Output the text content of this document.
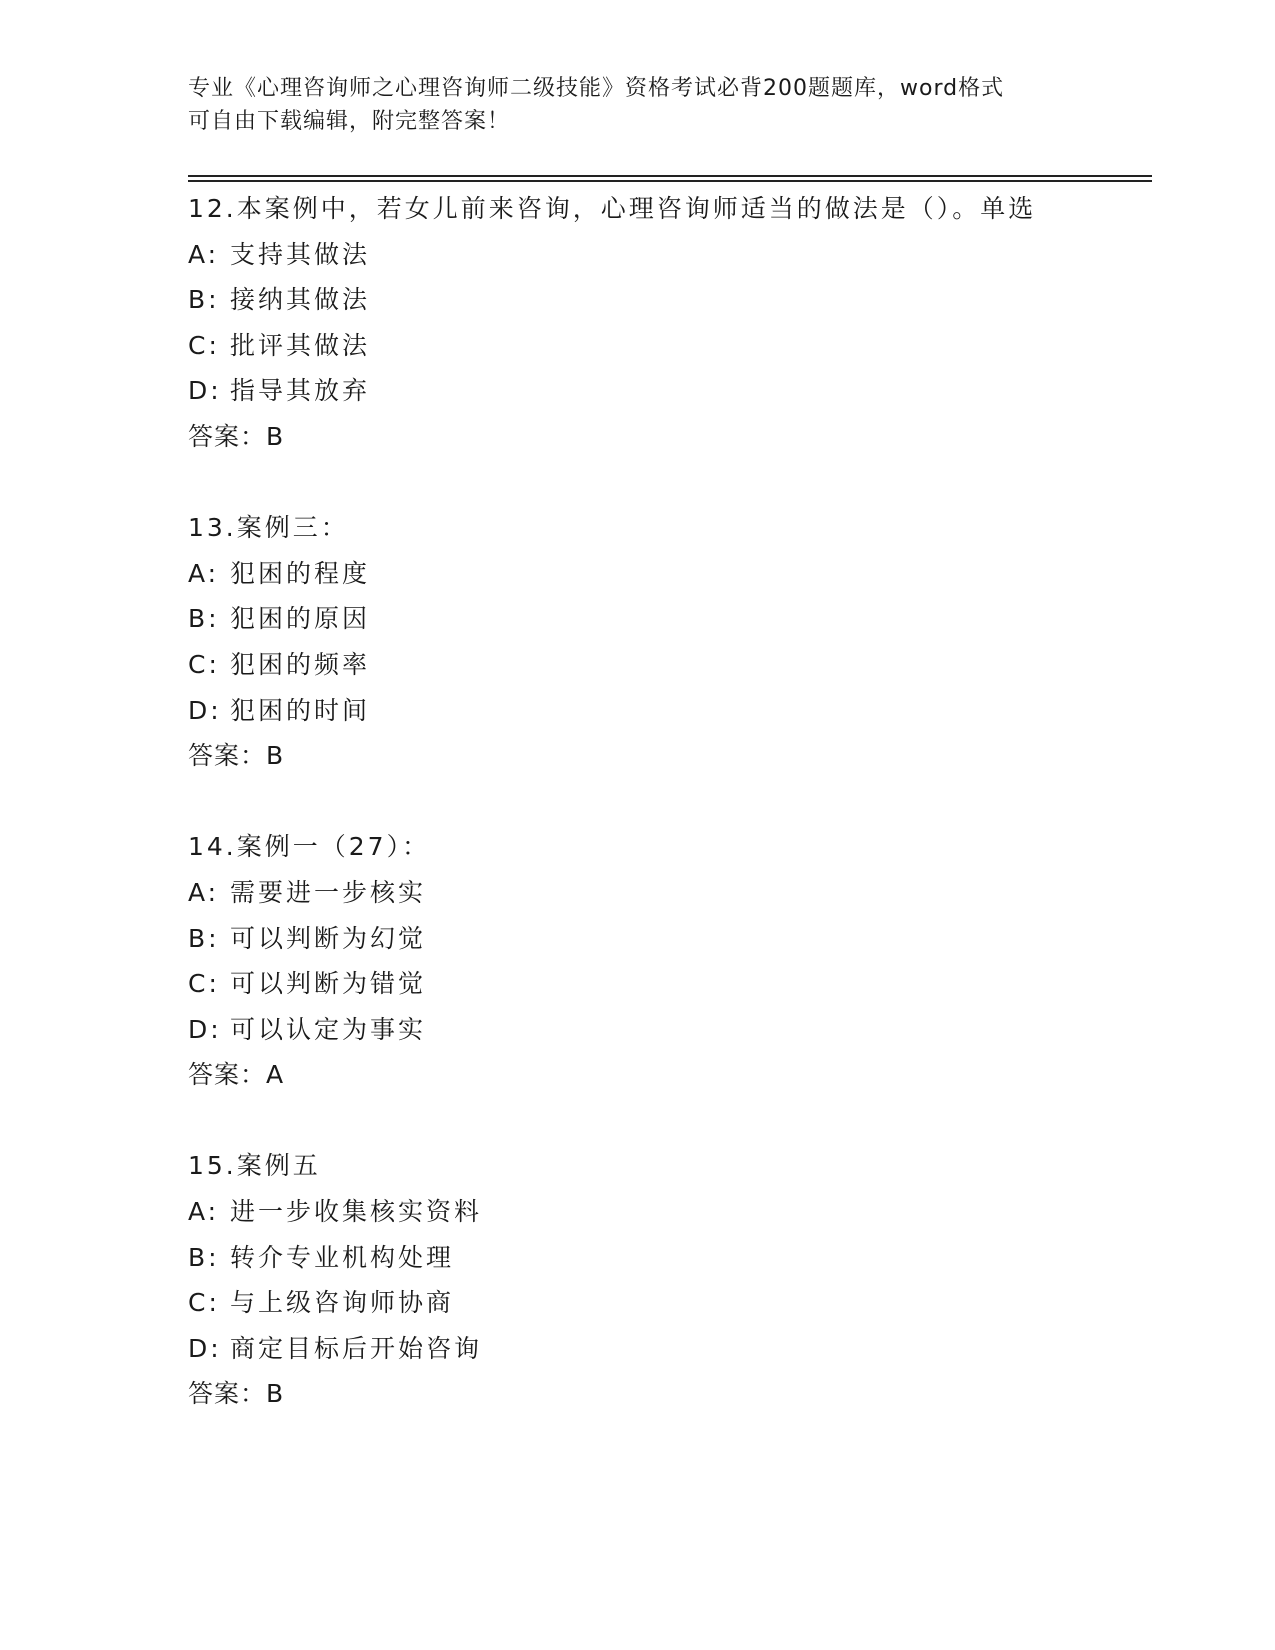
专业《心理咨询师之心理咨询师二级技能》资格考试必背200题题库，word格式
可自由下载编辑，附完整答案！
12.本案例中，若女儿前来咨询，心理咨询师适当的做法是（）。单选
A: 支持其做法
B: 接纳其做法
C: 批评其做法
D: 指导其放弃
答案：B
13.案例三：
A: 犯困的程度
B: 犯困的原因
C: 犯困的频率
D: 犯困的时间
答案：B
14.案例一（27）：
A: 需要进一步核实
B: 可以判断为幻觉
C: 可以判断为错觉
D: 可以认定为事实
答案：A
15.案例五
A: 进一步收集核实资料
B: 转介专业机构处理
C: 与上级咨询师协商
D: 商定目标后开始咨询
答案：B
